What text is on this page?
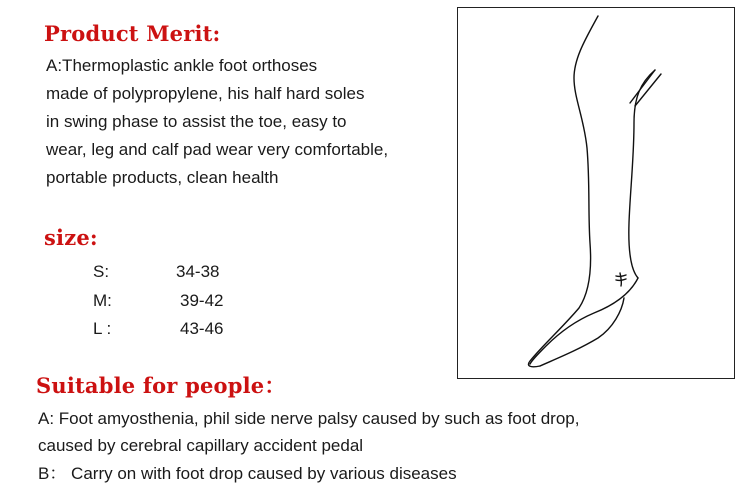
Product Merit:
A:Thermoplastic ankle foot orthoses
made of polypropylene, his half hard soles
in swing phase to assist the toe, easy to
wear, leg and calf pad wear very comfortable,
portable products, clean health
size:
S:	34-38
M:	39-42
L :	43-46
Suitable for people：
A: Foot amyosthenia, phil side nerve palsy caused by such as foot drop,
caused by cerebral capillary accident pedal
B： Carry on with foot drop caused by various diseases
